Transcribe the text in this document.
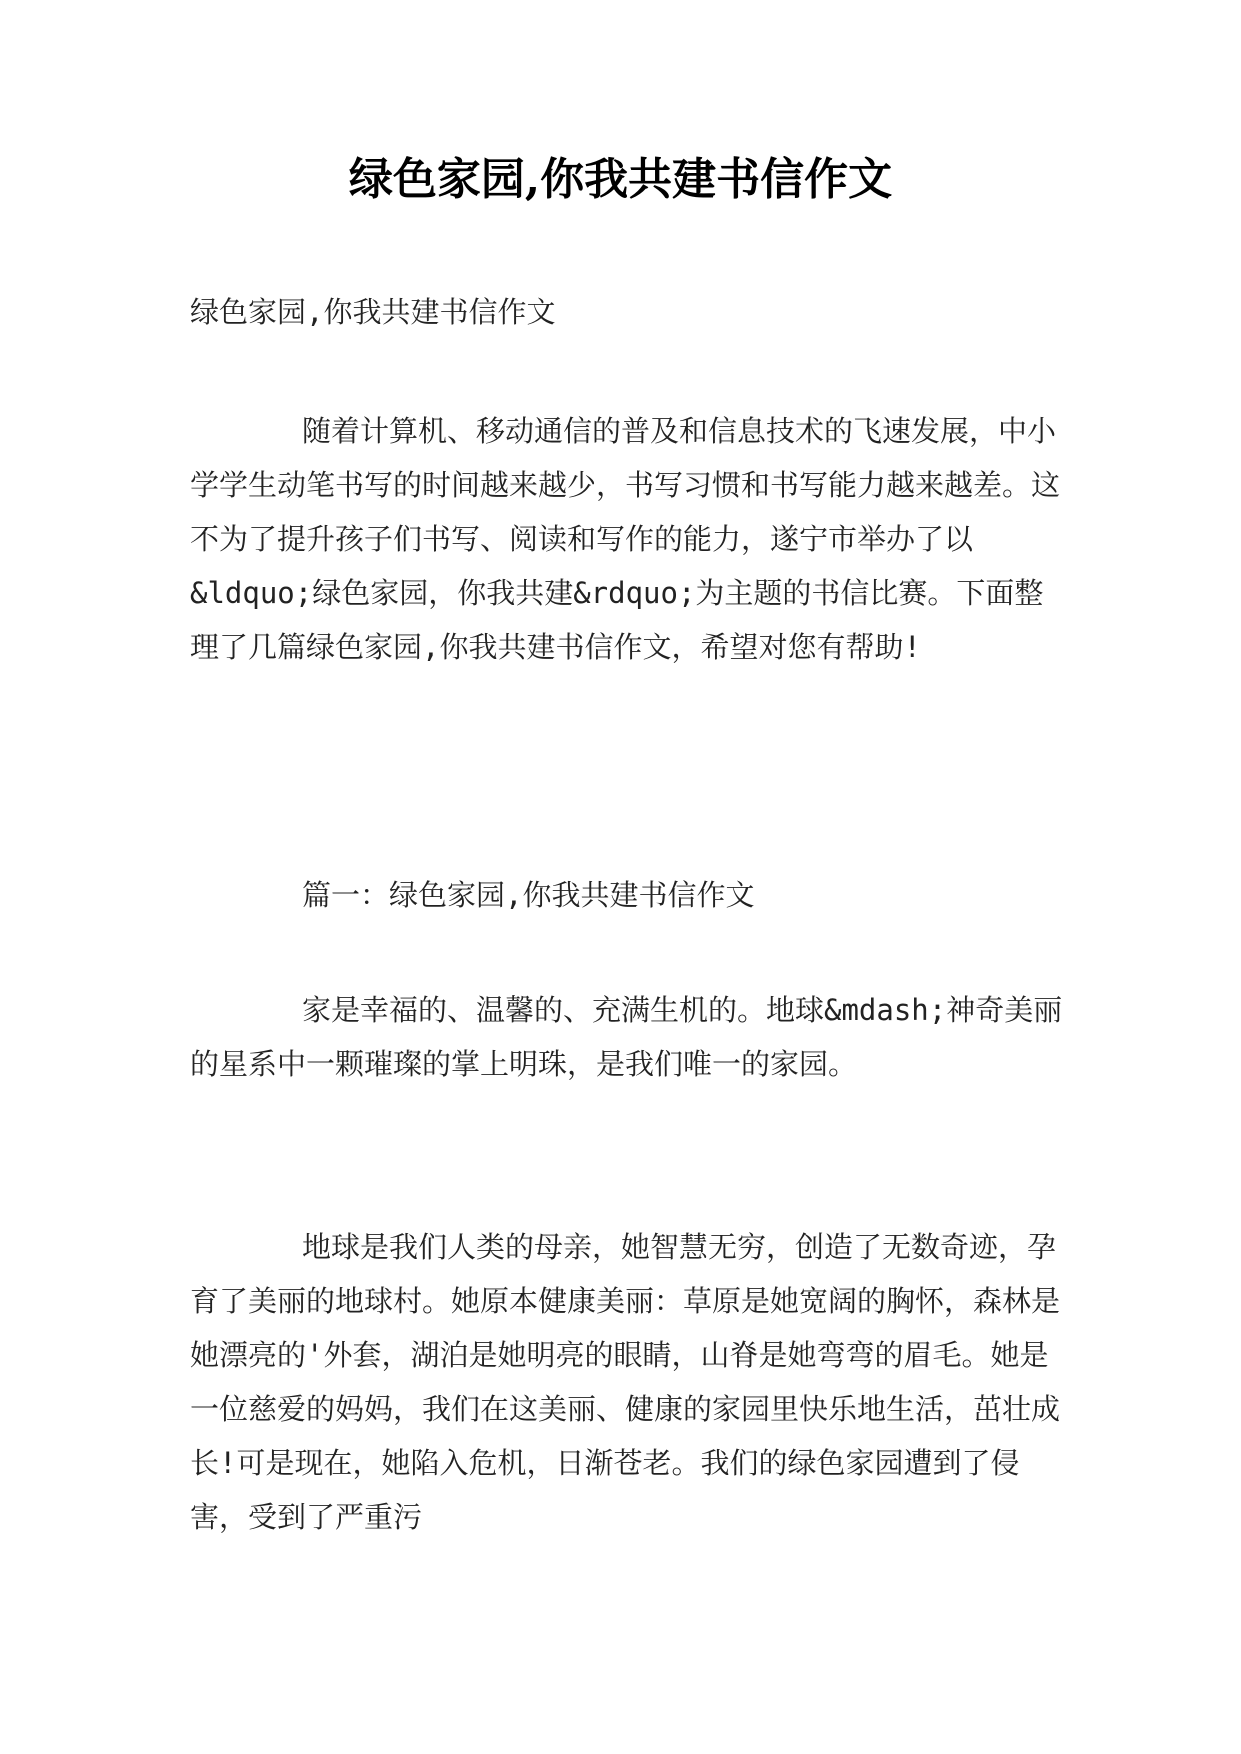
绿色家园,你我共建书信作文

绿色家园,你我共建书信作文

随着计算机、移动通信的普及和信息技术的飞速发展，中小学学生动笔书写的时间越来越少，书写习惯和书写能力越来越差。这不为了提升孩子们书写、阅读和写作的能力，遂宁市举办了以&ldquo;绿色家园，你我共建&rdquo;为主题的书信比赛。下面整理了几篇绿色家园,你我共建书信作文，希望对您有帮助!

篇一：绿色家园,你我共建书信作文

家是幸福的、温馨的、充满生机的。地球&mdash;神奇美丽的星系中一颗璀璨的掌上明珠，是我们唯一的家园。

地球是我们人类的母亲，她智慧无穷，创造了无数奇迹，孕育了美丽的地球村。她原本健康美丽：草原是她宽阔的胸怀，森林是她漂亮的'外套，湖泊是她明亮的眼睛，山脊是她弯弯的眉毛。她是一位慈爱的妈妈，我们在这美丽、健康的家园里快乐地生活，茁壮成长!可是现在，她陷入危机，日渐苍老。我们的绿色家园遭到了侵害，受到了严重污
